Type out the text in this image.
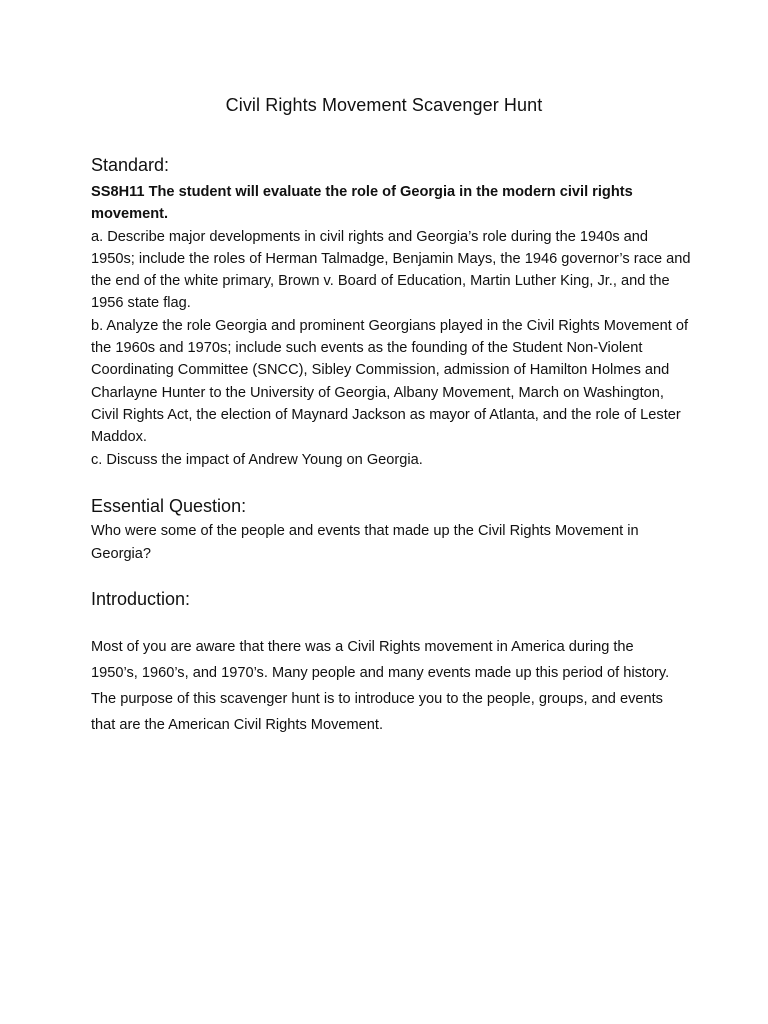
Civil Rights Movement Scavenger Hunt
Standard:

SS8H11 The student will evaluate the role of Georgia in the modern civil rights movement.

a. Describe major developments in civil rights and Georgia’s role during the 1940s and 1950s; include the roles of Herman Talmadge, Benjamin Mays, the 1946 governor’s race and the end of the white primary, Brown v. Board of Education, Martin Luther King, Jr., and the 1956 state flag.

b. Analyze the role Georgia and prominent Georgians played in the Civil Rights Movement of the 1960s and 1970s; include such events as the founding of the Student Non-Violent Coordinating Committee (SNCC), Sibley Commission, admission of Hamilton Holmes and Charlayne Hunter to the University of Georgia, Albany Movement, March on Washington, Civil Rights Act, the election of Maynard Jackson as mayor of Atlanta, and the role of Lester Maddox.

c. Discuss the impact of Andrew Young on Georgia.

Essential Question:
Who were some of the people and events that made up the Civil Rights Movement in Georgia?
Introduction:
Most of you are aware that there was a Civil Rights movement in America during the 1950’s, 1960’s, and 1970’s. Many people and many events made up this period of history. The purpose of this scavenger hunt is to introduce you to the people, groups, and events that are the American Civil Rights Movement.
